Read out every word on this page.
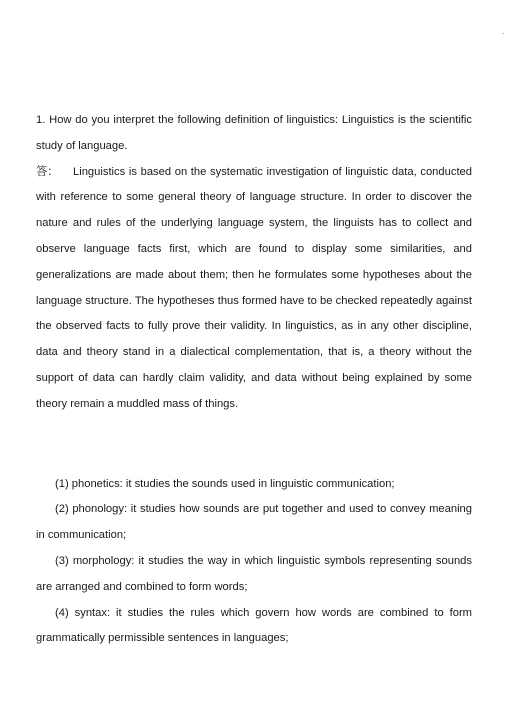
.

1. How do you interpret the following definition of linguistics: Linguistics is the scientific study of language.

答： Linguistics is based on the systematic investigation of linguistic data, conducted with reference to some general theory of language structure. In order to discover the nature and rules of the underlying language system, the linguists has to collect and observe language facts first, which are found to display some similarities, and generalizations are made about them; then he formulates some hypotheses about the language structure. The hypotheses thus formed have to be checked repeatedly against the observed facts to fully prove their validity. In linguistics, as in any other discipline, data and theory stand in a dialectical complementation, that is, a theory without the support of data can hardly claim validity, and data without being explained by some theory remain a muddled mass of things.

(1) phonetics: it studies the sounds used in linguistic communication;

(2) phonology: it studies how sounds are put together and used to convey meaning in communication;

(3) morphology: it studies the way in which linguistic symbols representing sounds are arranged and combined to form words;

(4) syntax: it studies the rules which govern how words are combined to form grammatically permissible sentences in languages;
